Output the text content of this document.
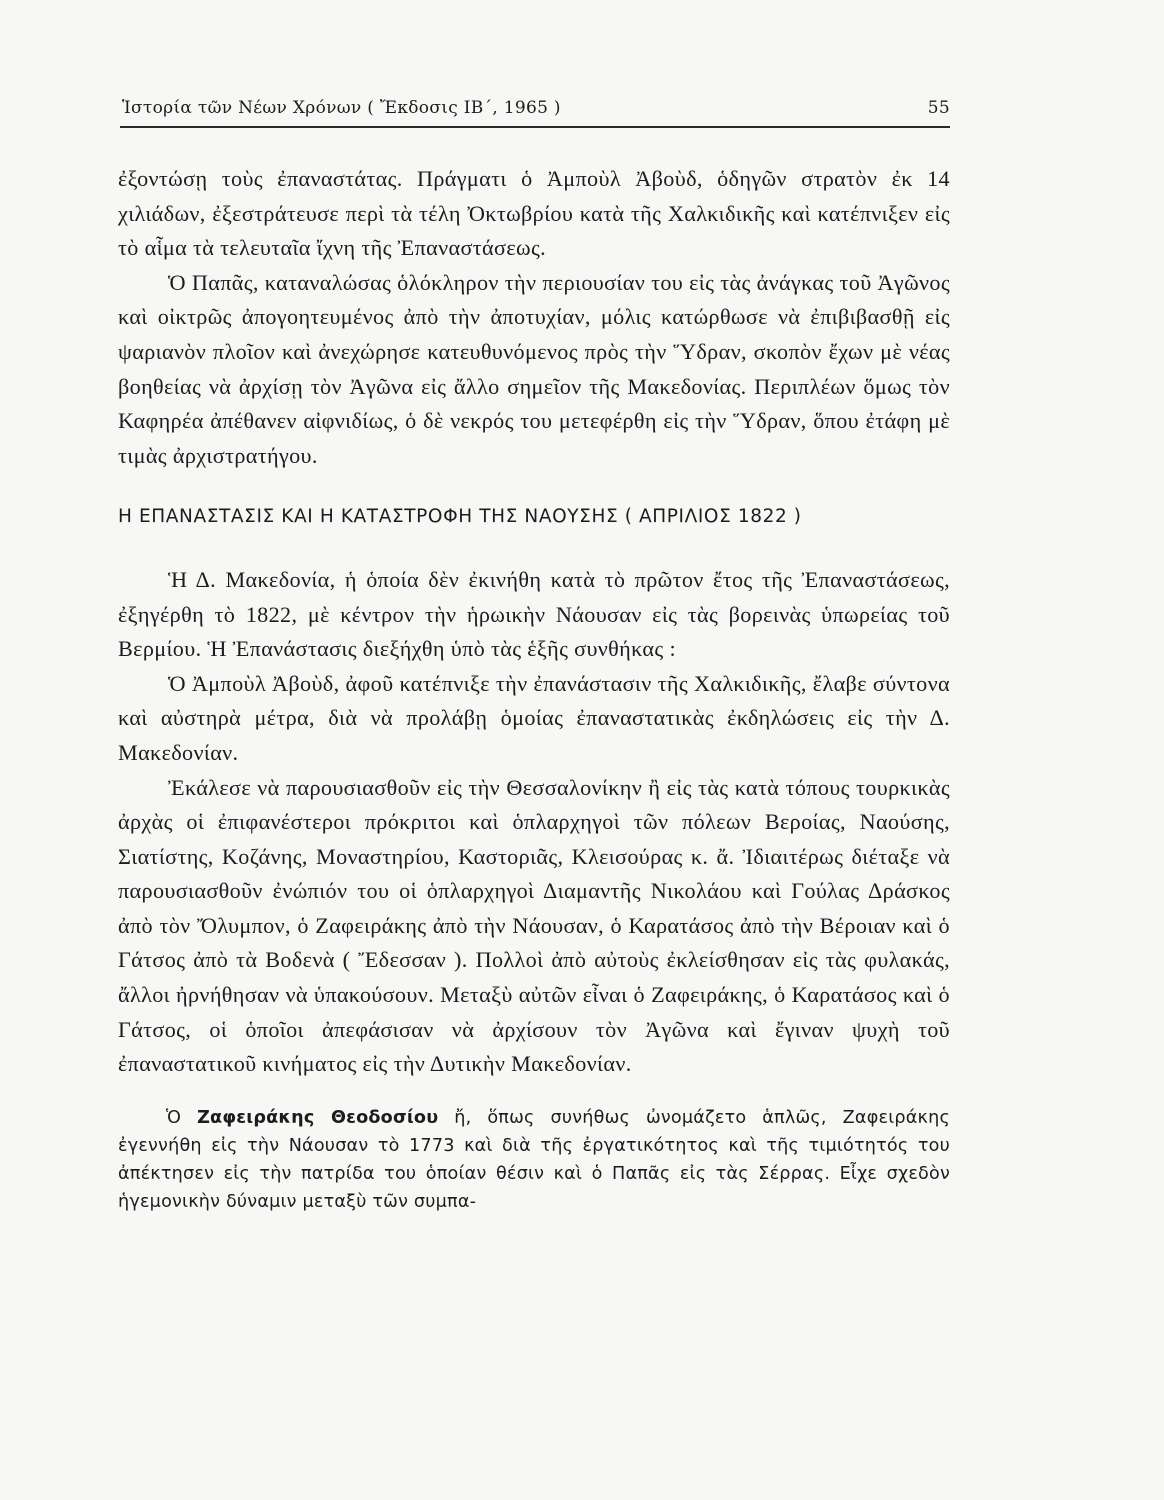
Ἱστορία τῶν Νέων Χρόνων ( Ἔκδοσις ΙΒ΄, 1965 )	55

ἐξοντώσῃ τοὺς ἐπαναστάτας. Πράγματι ὁ Ἀμποὺλ Ἀβοὺδ, ὁδηγῶν στρατὸν ἐκ 14 χιλιάδων, ἐξεστράτευσε περὶ τὰ τέλη Ὀκτωβρίου κατὰ τῆς Χαλκιδικῆς καὶ κατέπνιξεν εἰς τὸ αἷμα τὰ τελευταῖα ἴχνη τῆς Ἐπαναστάσεως.

Ὁ Παπᾶς, καταναλώσας ὁλόκληρον τὴν περιουσίαν του εἰς τὰς ἀνάγκας τοῦ Ἀγῶνος καὶ οἰκτρῶς ἀπογοητευμένος ἀπὸ τὴν ἀποτυχίαν, μόλις κατώρθωσε νὰ ἐπιβιβασθῇ εἰς ψαριανὸν πλοῖον καὶ ἀνεχώρησε κατευθυνόμενος πρὸς τὴν Ὕδραν, σκοπὸν ἔχων μὲ νέας βοηθείας νὰ ἀρχίσῃ τὸν Ἀγῶνα εἰς ἄλλο σημεῖον τῆς Μακεδονίας. Περιπλέων ὅμως τὸν Καφηρέα ἀπέθανεν αἰφνιδίως, ὁ δὲ νεκρός του μετεφέρθη εἰς τὴν Ὕδραν, ὅπου ἐτάφη μὲ τιμὰς ἀρχιστρατήγου.

Η ΕΠΑΝΑΣΤΑΣΙΣ ΚΑΙ Η ΚΑΤΑΣΤΡΟΦΗ ΤΗΣ ΝΑΟΥΣΗΣ ( ΑΠΡΙΛΙΟΣ 1822 )

Ἡ Δ. Μακεδονία, ἡ ὁποία δὲν ἐκινήθη κατὰ τὸ πρῶτον ἔτος τῆς Ἐπαναστάσεως, ἐξηγέρθη τὸ 1822, μὲ κέντρον τὴν ἡρωικὴν Νάουσαν εἰς τὰς βορεινὰς ὑπωρείας τοῦ Βερμίου. Ἡ Ἐπανάστασις διεξήχθη ὑπὸ τὰς ἑξῆς συνθήκας :

Ὁ Ἀμποὺλ Ἀβοὺδ, ἀφοῦ κατέπνιξε τὴν ἐπανάστασιν τῆς Χαλκιδικῆς, ἔλαβε σύντονα καὶ αὐστηρὰ μέτρα, διὰ νὰ προλάβῃ ὁμοίας ἐπαναστατικὰς ἐκδηλώσεις εἰς τὴν Δ. Μακεδονίαν.

Ἐκάλεσε νὰ παρουσιασθοῦν εἰς τὴν Θεσσαλονίκην ἢ εἰς τὰς κατὰ τόπους τουρκικὰς ἀρχὰς οἱ ἐπιφανέστεροι πρόκριτοι καὶ ὁπλαρχηγοὶ τῶν πόλεων Βεροίας, Ναούσης, Σιατίστης, Κοζάνης, Μοναστηρίου, Καστοριᾶς, Κλεισούρας κ. ἄ. Ἰδιαιτέρως διέταξε νὰ παρουσιασθοῦν ἐνώπιόν του οἱ ὁπλαρχηγοὶ Διαμαντῆς Νικολάου καὶ Γούλας Δράσκος ἀπὸ τὸν Ὄλυμπον, ὁ Ζαφειράκης ἀπὸ τὴν Νάουσαν, ὁ Καρατάσος ἀπὸ τὴν Βέροιαν καὶ ὁ Γάτσος ἀπὸ τὰ Βοδενὰ ( Ἔδεσσαν ). Πολλοὶ ἀπὸ αὐτοὺς ἐκλείσθησαν εἰς τὰς φυλακάς, ἄλλοι ἠρνήθησαν νὰ ὑπακούσουν. Μεταξὺ αὐτῶν εἶναι ὁ Ζαφειράκης, ὁ Καρατάσος καὶ ὁ Γάτσος, οἱ ὁποῖοι ἀπεφάσισαν νὰ ἀρχίσουν τὸν Ἀγῶνα καὶ ἔγιναν ψυχὴ τοῦ ἐπαναστατικοῦ κινήματος εἰς τὴν Δυτικὴν Μακεδονίαν.

Ὁ Ζαφειράκης Θεοδοσίου ἤ, ὅπως συνήθως ὠνομάζετο ἁπλῶς, Ζαφειράκης ἐγεννήθη εἰς τὴν Νάουσαν τὸ 1773 καὶ διὰ τῆς ἐργατικότητος καὶ τῆς τιμιότητός του ἀπέκτησεν εἰς τὴν πατρίδα του ὁποίαν θέσιν καὶ ὁ Παπᾶς εἰς τὰς Σέρρας. Εἶχε σχεδὸν ἡγεμονικὴν δύναμιν μεταξὺ τῶν συμπα-
